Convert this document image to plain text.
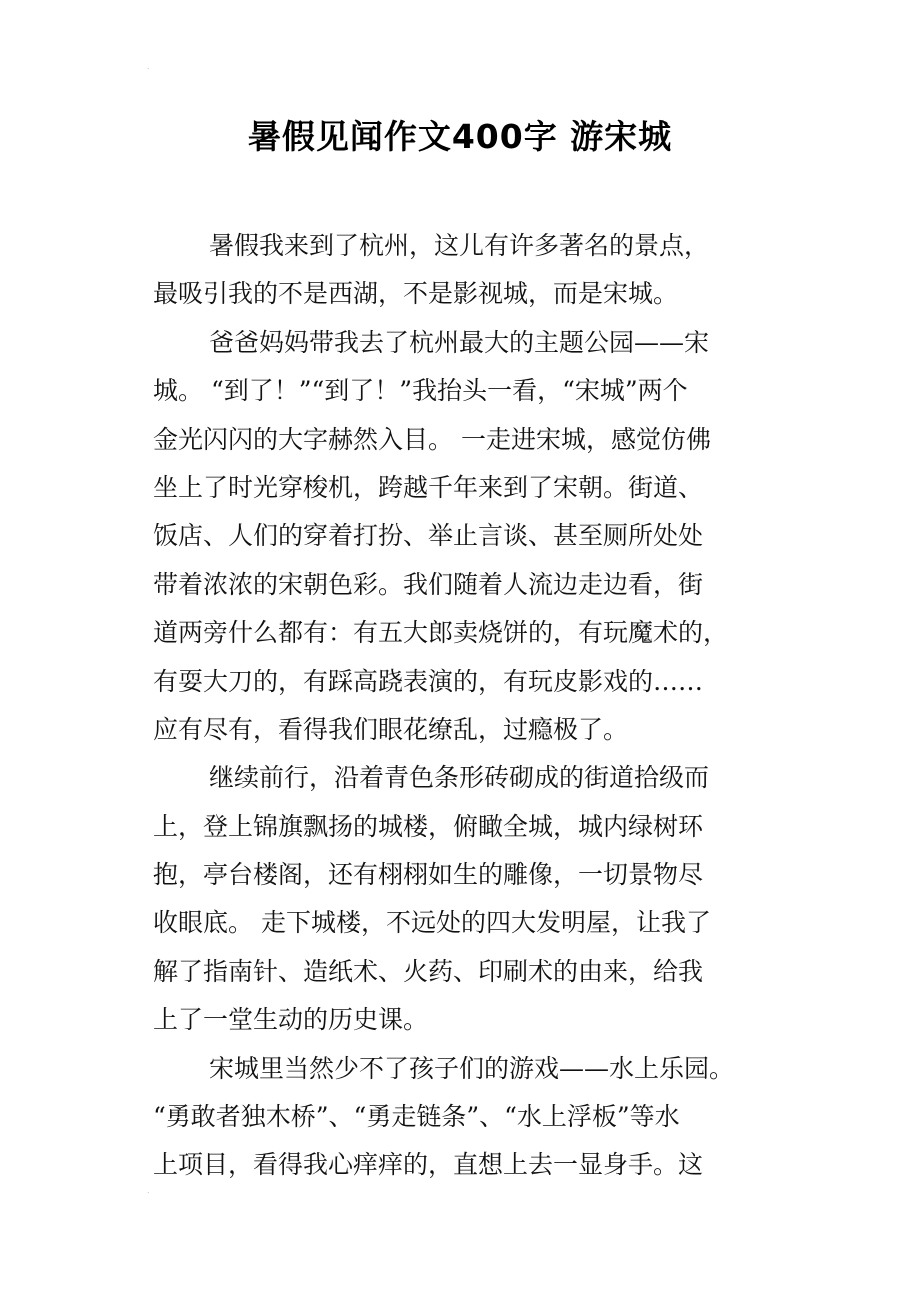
˙
暑假见闻作文400字 游宋城
暑假我来到了杭州，这儿有许多著名的景点，
最吸引我的不是西湖，不是影视城，而是宋城。
爸爸妈妈带我去了杭州最大的主题公园——宋
城。 “到了！”“到了！”我抬头一看，“宋城”两个
金光闪闪的大字赫然入目。 一走进宋城，感觉仿佛
坐上了时光穿梭机，跨越千年来到了宋朝。街道、
饭店、人们的穿着打扮、举止言谈、甚至厕所处处
带着浓浓的宋朝色彩。我们随着人流边走边看，街
道两旁什么都有：有五大郎卖烧饼的，有玩魔术的，
有耍大刀的，有踩高跷表演的，有玩皮影戏的……
应有尽有，看得我们眼花缭乱，过瘾极了。
继续前行，沿着青色条形砖砌成的街道拾级而
上，登上锦旗飘扬的城楼，俯瞰全城，城内绿树环
抱，亭台楼阁，还有栩栩如生的雕像，一切景物尽
收眼底。 走下城楼，不远处的四大发明屋，让我了
解了指南针、造纸术、火药、印刷术的由来，给我
上了一堂生动的历史课。
宋城里当然少不了孩子们的游戏——水上乐园。
“勇敢者独木桥”、“勇走链条”、“水上浮板”等水
上项目，看得我心痒痒的，直想上去一显身手。这
˙
